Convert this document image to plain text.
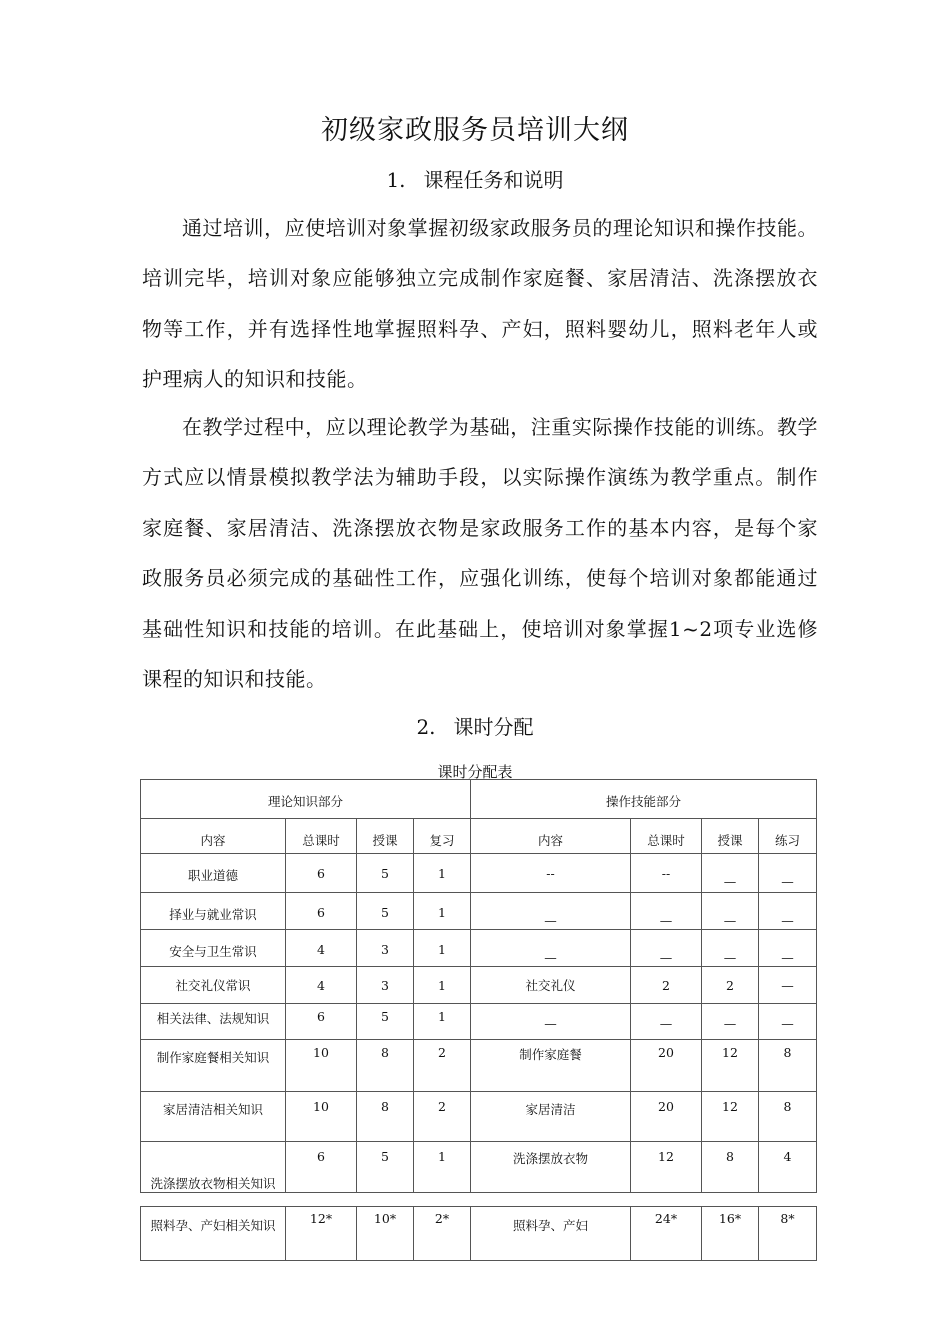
初级家政服务员培训大纲
1. 课程任务和说明

通过培训，应使培训对象掌握初级家政服务员的理论知识和操作技能。培训完毕，培训对象应能够独立完成制作家庭餐、家居清洁、洗涤摆放衣物等工作，并有选择性地掌握照料孕、产妇，照料婴幼儿，照料老年人或护理病人的知识和技能。

在教学过程中，应以理论教学为基础，注重实际操作技能的训练。教学方式应以情景模拟教学法为辅助手段，以实际操作演练为教学重点。制作家庭餐、家居清洁、洗涤摆放衣物是家政服务工作的基本内容，是每个家政服务员必须完成的基础性工作，应强化训练，使每个培训对象都能通过基础性知识和技能的培训。在此基础上，使培训对象掌握1~2项专业选修课程的知识和技能。

2. 课时分配
课时分配表
理论知识部分				操作技能部分			

内容	总课时	授课	复习	内容	总课时	授课	练习

职业道德	6	5	1	--	--	—	—

择业与就业常识	6	5	1	—	—	—	—

安全与卫生常识	4	3	1	—	—	—	—

社交礼仪常识	4	3	1	社交礼仪	2	2	—

相关法律、法规知识	6	5	1	—	—	—	—

制作家庭餐相关知识	10	8	2	制作家庭餐	20	12	8

家居清洁相关知识	10	8	2	家居清洁	20	12	8

洗涤摆放衣物相关知识	6	5	1	洗涤摆放衣物	12	8	4
照料孕、产妇相关知识	12*	10*	2*	照料孕、产妇	24*	16*	8*
